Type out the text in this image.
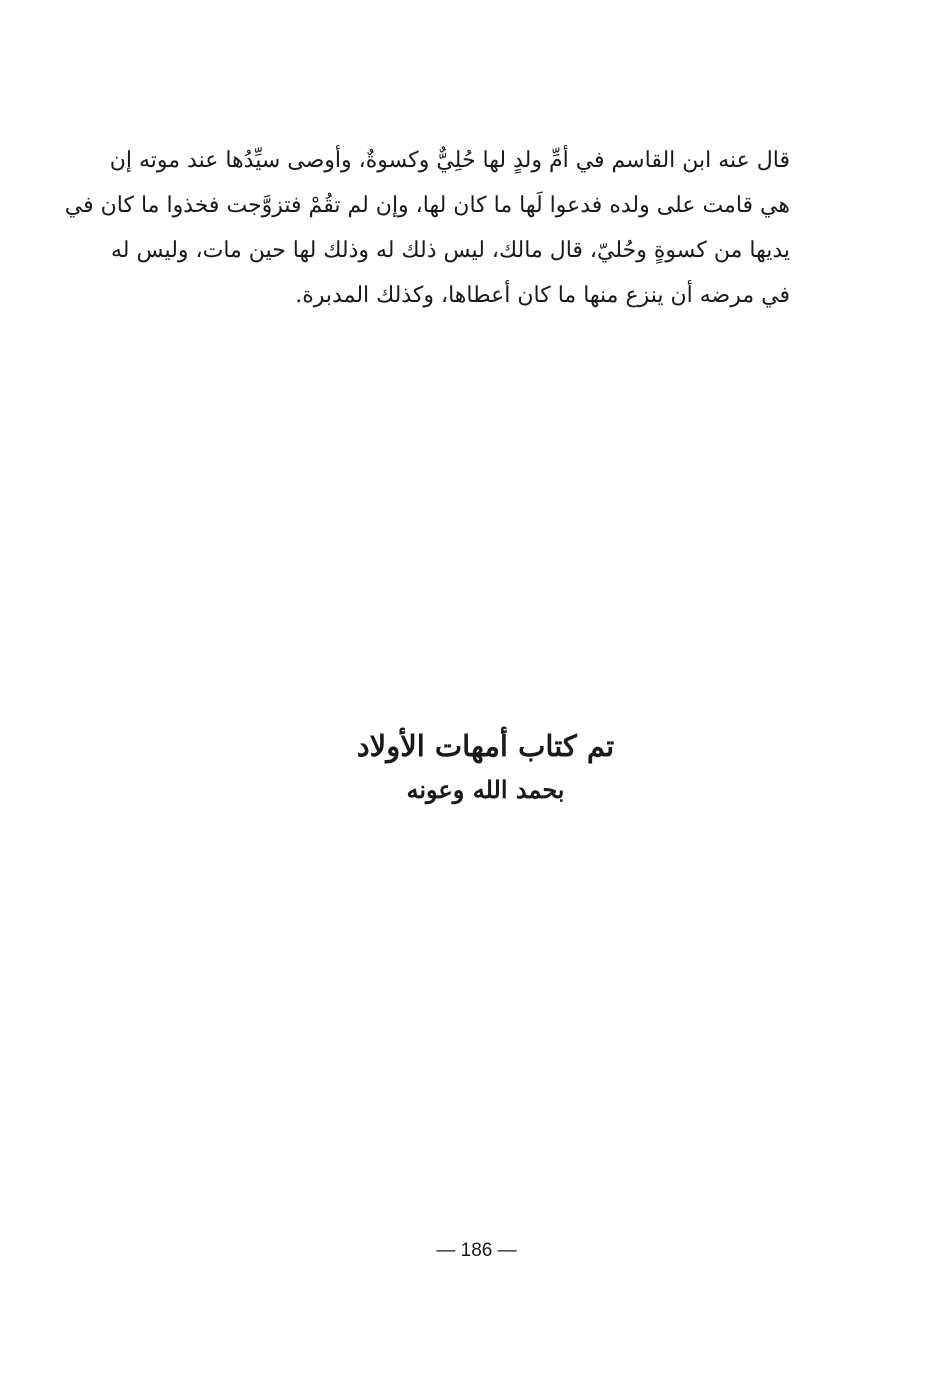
قال عنه ابن القاسم في أمِّ ولدٍ لها حُلِيٌّ وكسوةٌ، وأوصى سيِّدُها عند موته إن
هي قامت على ولده فدعوا لَها ما كان لها، وإن لم تقُمْ فتزوَّجت فخذوا ما كان في
يديها من كسوةٍ وحُليّ، قال مالك، ليس ذلك له وذلك لها حين مات، وليس له
في مرضه أن ينزع منها ما كان أعطاها، وكذلك المدبرة.
تم كتاب أمهات الأولاد
بحمد الله وعونه
— 186 —
